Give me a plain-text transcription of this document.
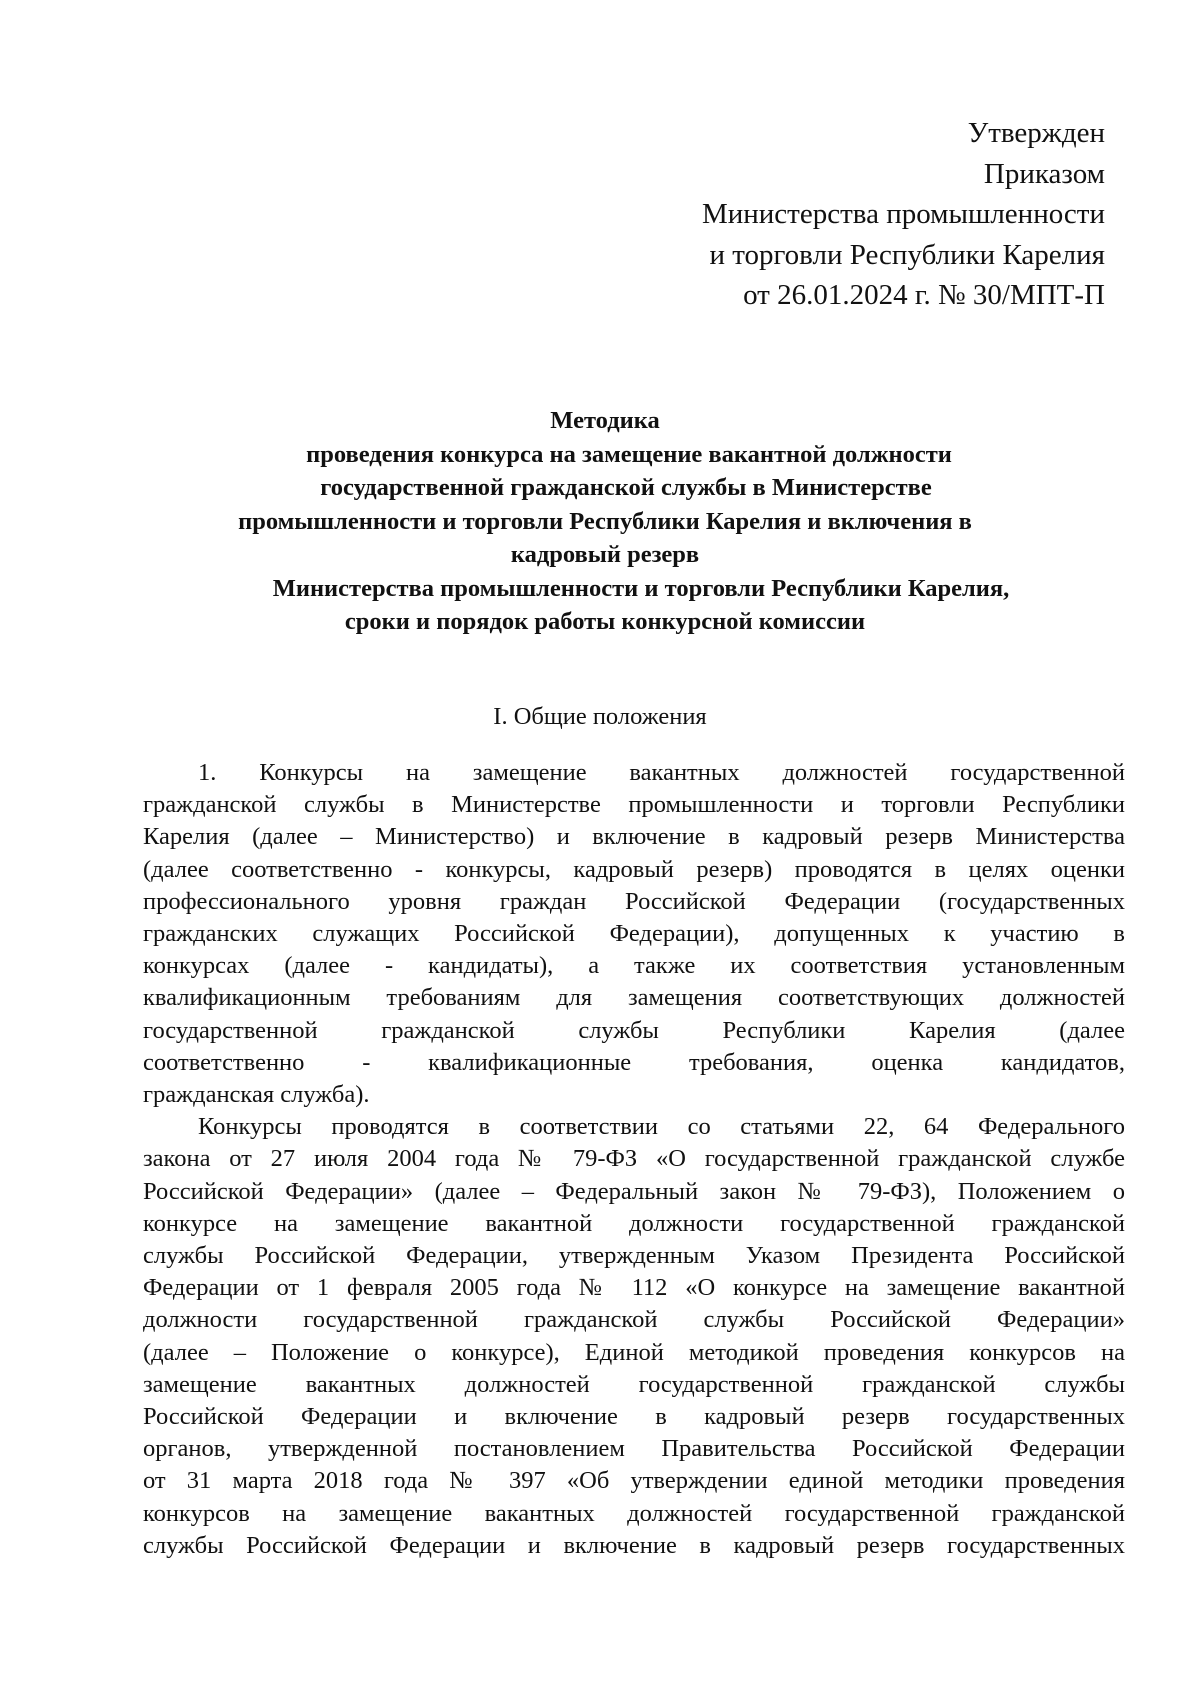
Утвержден
Приказом
Министерства промышленности
и торговли Республики Карелия
от 26.01.2024 г. № 30/МПТ-П
Методика
проведения конкурса на замещение вакантной должности
государственной гражданской службы в Министерстве
промышленности и торговли Республики Карелия и включения в
кадровый резерв
Министерства промышленности и торговли Республики Карелия,
сроки и порядок работы конкурсной комиссии
I. Общие положения
1. Конкурсы на замещение вакантных должностей государственной
гражданской службы в Министерстве промышленности и торговли Республики
Карелия (далее – Министерство) и включение в кадровый резерв Министерства
(далее соответственно - конкурсы, кадровый резерв) проводятся в целях оценки
профессионального уровня граждан Российской Федерации (государственных
гражданских служащих Российской Федерации), допущенных к участию в
конкурсах (далее - кандидаты), а также их соответствия установленным
квалификационным требованиям для замещения соответствующих должностей
государственной гражданской службы Республики Карелия (далее
соответственно - квалификационные требования, оценка кандидатов,
гражданская служба).
Конкурсы проводятся в соответствии со статьями 22, 64 Федерального
закона от 27 июля 2004 года № 79-ФЗ «О государственной гражданской службе
Российской Федерации» (далее – Федеральный закон № 79-ФЗ), Положением о
конкурсе на замещение вакантной должности государственной гражданской
службы Российской Федерации, утвержденным Указом Президента Российской
Федерации от 1 февраля 2005 года № 112 «О конкурсе на замещение вакантной
должности государственной гражданской службы Российской Федерации»
(далее – Положение о конкурсе), Единой методикой проведения конкурсов на
замещение вакантных должностей государственной гражданской службы
Российской Федерации и включение в кадровый резерв государственных
органов, утвержденной постановлением Правительства Российской Федерации
от 31 марта 2018 года № 397 «Об утверждении единой методики проведения
конкурсов на замещение вакантных должностей государственной гражданской
службы Российской Федерации и включение в кадровый резерв государственных
